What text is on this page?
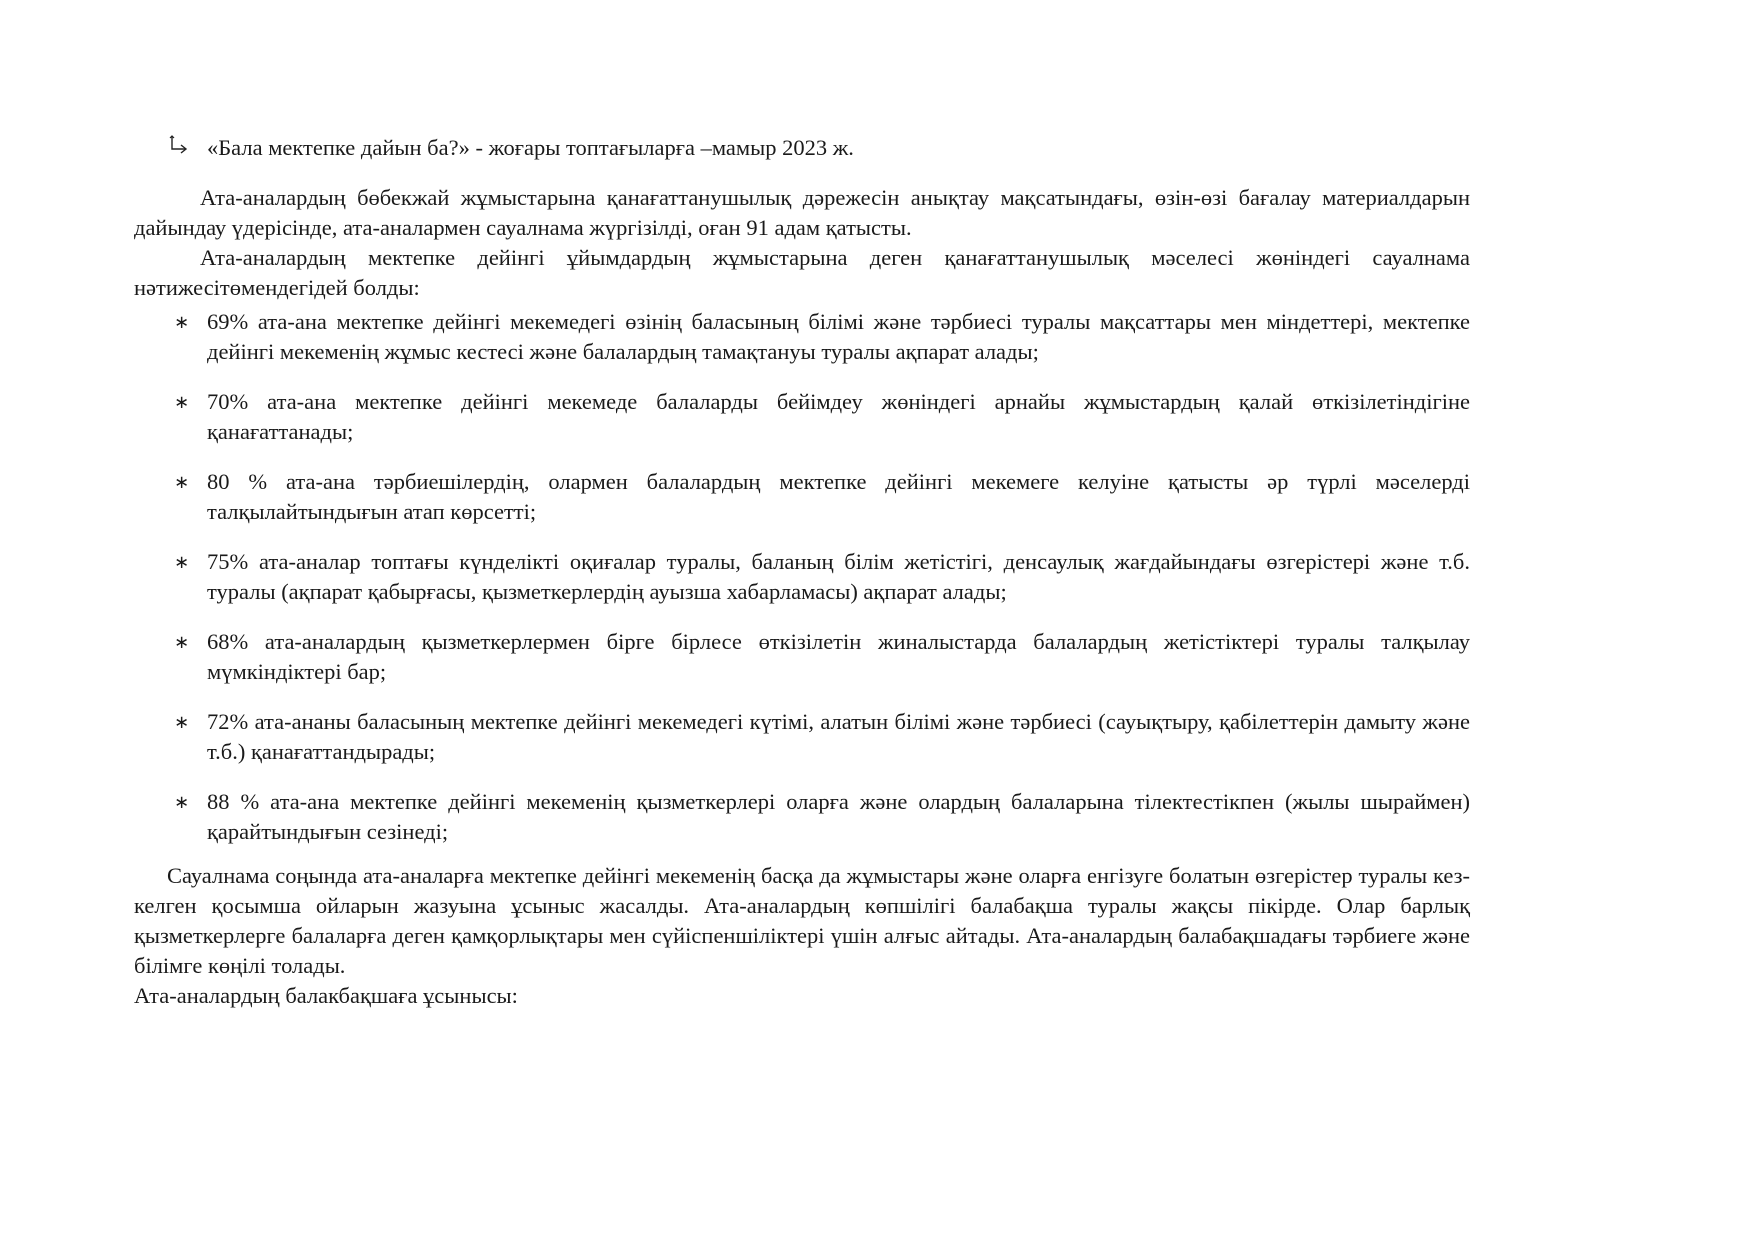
«Бала мектепке дайын ба?» - жоғары топтағыларға –мамыр 2023 ж.

Ата-аналардың бөбекжай жұмыстарына қанағаттанушылық дәрежесін анықтау мақсатындағы, өзін-өзі бағалау материалдарын дайындау үдерісінде, ата-аналармен сауалнама жүргізілді, оған 91 адам қатысты.

Ата-аналардың мектепке дейінгі ұйымдардың жұмыстарына деген қанағаттанушылық мәселесі жөніндегі сауалнама нәтижесітөмендегідей болды:

∗ 69% ата-ана мектепке дейінгі мекемедегі өзінің баласының білімі және тәрбиесі туралы мақсаттары мен міндеттері, мектепке дейінгі мекеменің жұмыс кестесі және балалардың тамақтануы туралы ақпарат алады;
∗ 70% ата-ана мектепке дейінгі мекемеде балаларды бейімдеу жөніндегі арнайы жұмыстардың қалай өткізілетіндігіне қанағаттанады;
∗ 80 % ата-ана тәрбиешілердің, олармен балалардың мектепке дейінгі мекемеге келуіне қатысты әр түрлі мәселерді талқылайтындығын атап көрсетті;
∗ 75% ата-аналар топтағы күнделікті оқиғалар туралы, баланың білім жетістігі, денсаулық жағдайындағы өзгерістері және т.б. туралы (ақпарат қабырғасы, қызметкерлердің ауызша хабарламасы) ақпарат алады;
∗ 68% ата-аналардың қызметкерлермен бірге бірлесе өткізілетін жиналыстарда балалардың жетістіктері туралы талқылау мүмкіндіктері бар;
∗ 72% ата-ананы баласының мектепке дейінгі мекемедегі күтімі, алатын білімі және тәрбиесі (сауықтыру, қабілеттерін дамыту және т.б.) қанағаттандырады;
∗ 88 % ата-ана мектепке дейінгі мекеменің қызметкерлері оларға және олардың балаларына тілектестікпен (жылы шыраймен) қарайтындығын сезінеді;

Сауалнама соңында ата-аналарға мектепке дейінгі мекеменің басқа да жұмыстары және оларға енгізуге болатын өзгерістер туралы кез-келген қосымша ойларын жазуына ұсыныс жасалды. Ата-аналардың көпшілігі балабақша туралы жақсы пікірде. Олар барлық қызметкерлерге балаларға деген қамқорлықтары мен сүйіспеншіліктері үшін алғыс айтады. Ата-аналардың балабақшадағы тәрбиеге және білімге көңілі толады.

Ата-аналардың балакбақшаға ұсынысы:
